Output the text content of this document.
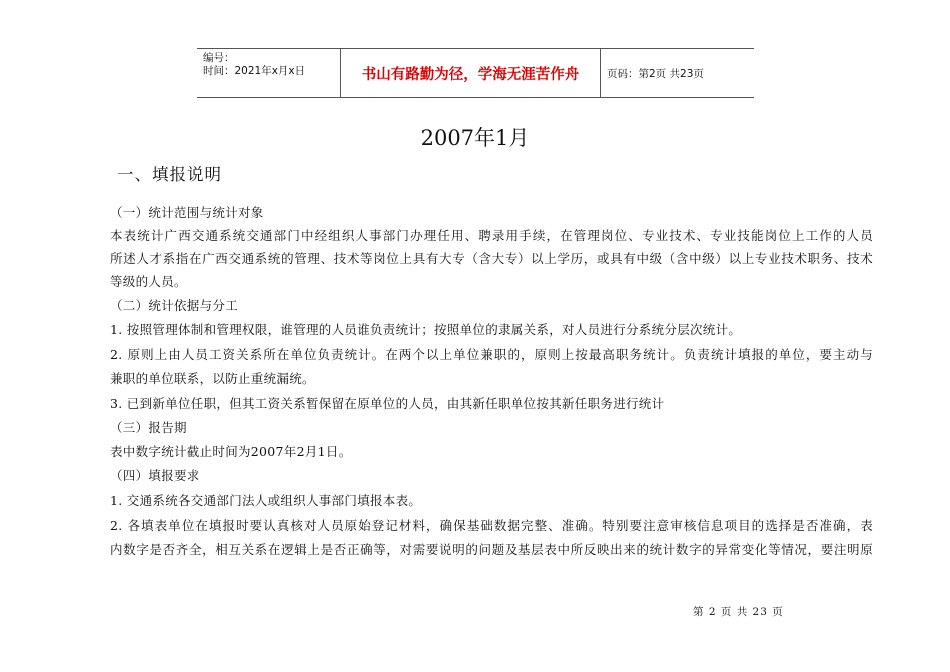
编号：
时间：2021年x月x日	书山有路勤为径，学海无涯苦作舟	页码：第2页 共23页
2007年1月
一、填报说明
（一）统计范围与统计对象
本表统计广西交通系统交通部门中经组织人事部门办理任用、聘录用手续，在管理岗位、专业技术、专业技能岗位上工作的人员
所述人才系指在广西交通系统的管理、技术等岗位上具有大专（含大专）以上学历，或具有中级（含中级）以上专业技术职务、技术
等级的人员。
（二）统计依据与分工
1. 按照管理体制和管理权限，谁管理的人员谁负责统计；按照单位的隶属关系，对人员进行分系统分层次统计。
2. 原则上由人员工资关系所在单位负责统计。在两个以上单位兼职的，原则上按最高职务统计。负责统计填报的单位，要主动与
兼职的单位联系，以防止重统漏统。
3. 已到新单位任职，但其工资关系暂保留在原单位的人员，由其新任职单位按其新任职务进行统计
（三）报告期
表中数字统计截止时间为2007年2月1日。
（四）填报要求
1. 交通系统各交通部门法人或组织人事部门填报本表。
2. 各填表单位在填报时要认真核对人员原始登记材料，确保基础数据完整、准确。特别要注意审核信息项目的选择是否准确，表
内数字是否齐全，相互关系在逻辑上是否正确等，对需要说明的问题及基层表中所反映出来的统计数字的异常变化等情况，要注明原
第 2 页 共 23 页
